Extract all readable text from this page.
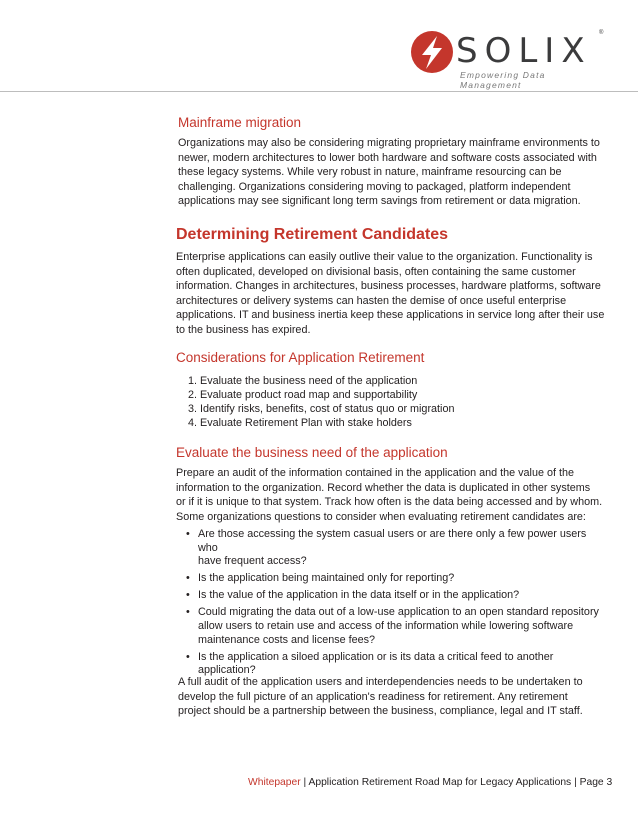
SOLIX ®
Empowering Data Management
Mainframe migration
Organizations may also be considering migrating proprietary mainframe environments to
newer, modern architectures to lower both hardware and software costs associated with
these legacy systems. While very robust in nature, mainframe resourcing can be
challenging. Organizations considering moving to packaged, platform independent
applications may see significant long term savings from retirement or data migration.
Determining Retirement Candidates
Enterprise applications can easily outlive their value to the organization. Functionality is
often duplicated, developed on divisional basis, often containing the same customer
information. Changes in architectures, business processes, hardware platforms, software
architectures or delivery systems can hasten the demise of once useful enterprise
applications. IT and business inertia keep these applications in service long after their use
to the business has expired.
Considerations for Application Retirement
1. Evaluate the business need of the application
2. Evaluate product road map and supportability
3. Identify risks, benefits, cost of status quo or migration
4. Evaluate Retirement Plan with stake holders
Evaluate the business need of the application
Prepare an audit of the information contained in the application and the value of the
information to the organization. Record whether the data is duplicated in other systems
or if it is unique to that system. Track how often is the data being accessed and by whom.
Some organizations questions to consider when evaluating retirement candidates are:
• Are those accessing the system casual users or are there only a few power users who
have frequent access?
• Is the application being maintained only for reporting?
• Is the value of the application in the data itself or in the application?
• Could migrating the data out of a low-use application to an open standard repository
allow users to retain use and access of the information while lowering software
maintenance costs and license fees?
• Is the application a siloed application or is its data a critical feed to another
application?
A full audit of the application users and interdependencies needs to be undertaken to
develop the full picture of an application's readiness for retirement. Any retirement
project should be a partnership between the business, compliance, legal and IT staff.
Whitepaper | Application Retirement Road Map for Legacy Applications | Page 3
